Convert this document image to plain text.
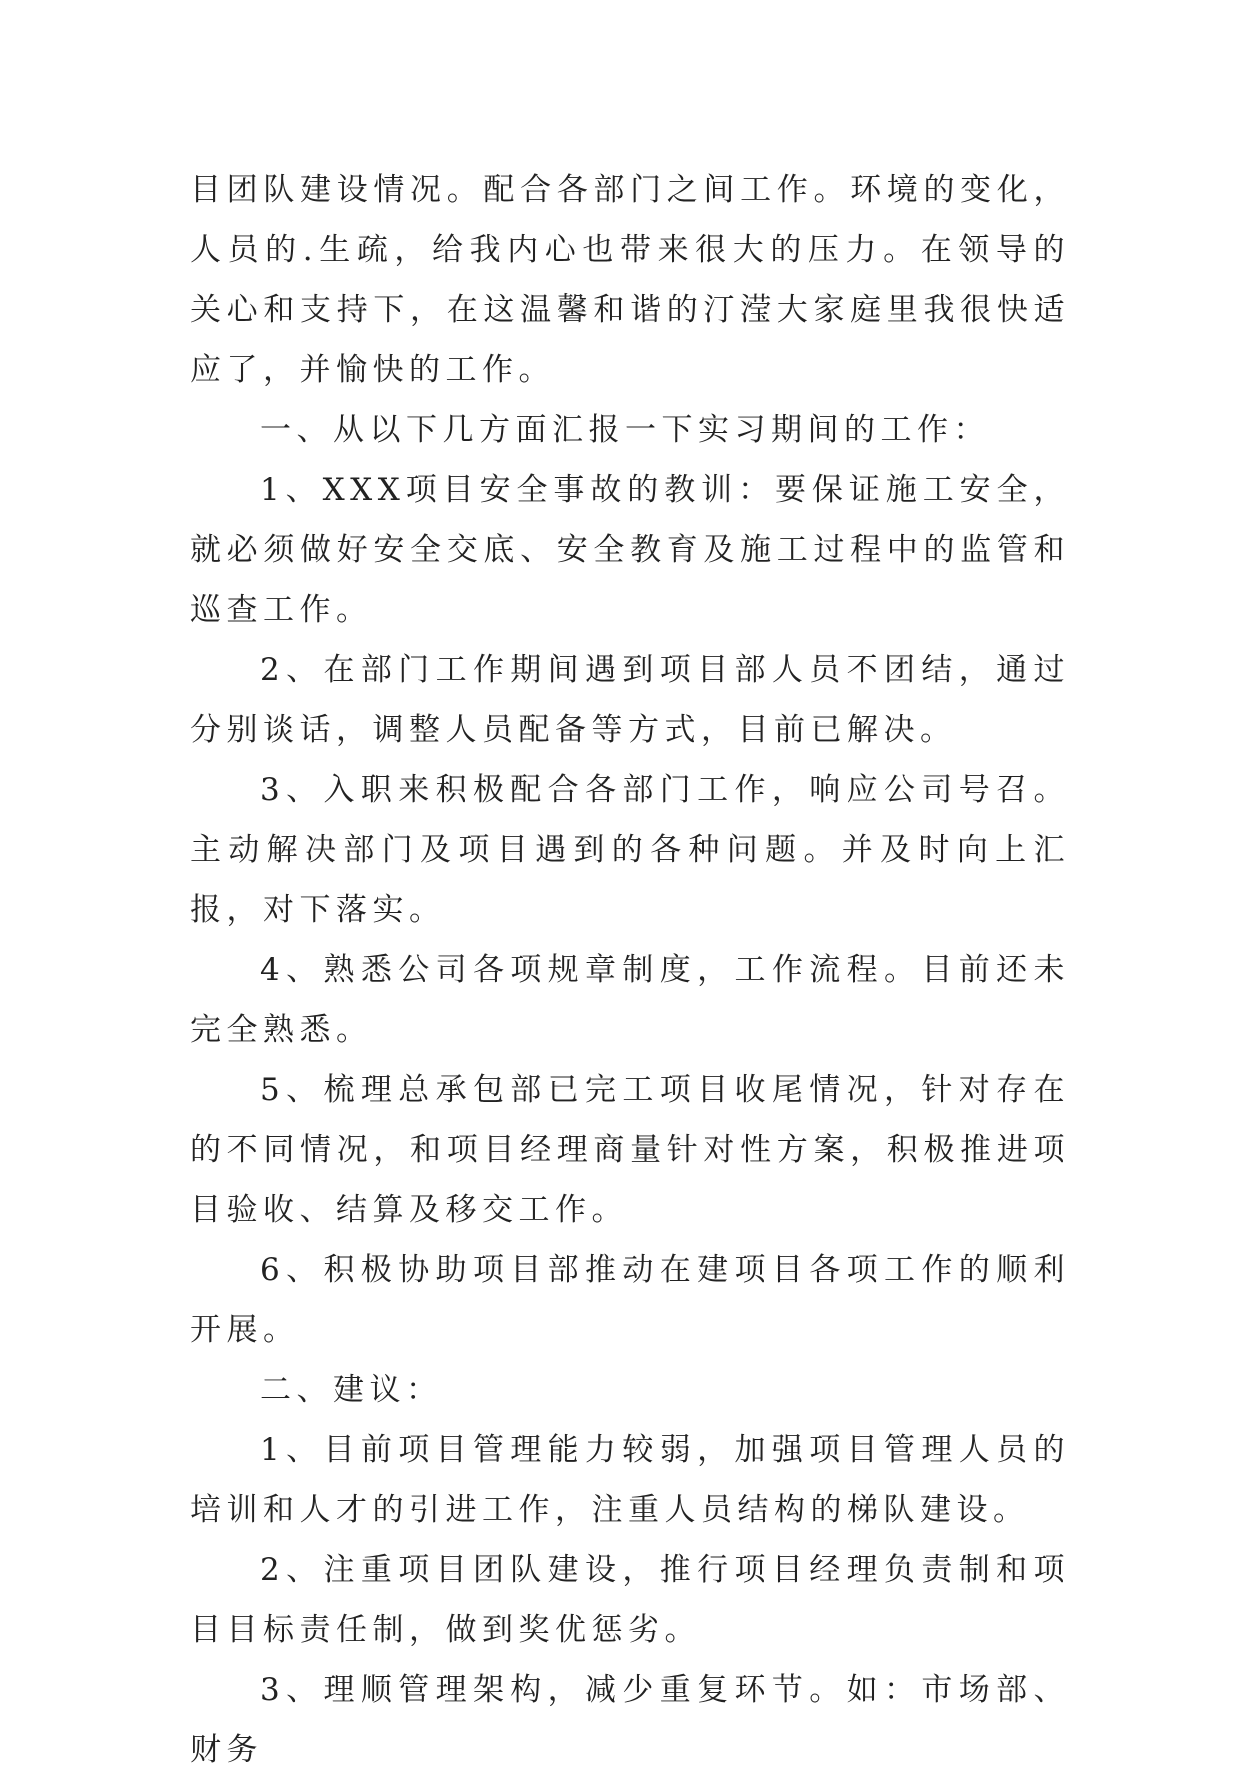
目团队建设情况。配合各部门之间工作。环境的变化，人员的.生疏，给我内心也带来很大的压力。在领导的关心和支持下，在这温馨和谐的汀滢大家庭里我很快适应了，并愉快的工作。

一、从以下几方面汇报一下实习期间的工作：

1、XXX项目安全事故的教训：要保证施工安全，就必须做好安全交底、安全教育及施工过程中的监管和巡查工作。

2、在部门工作期间遇到项目部人员不团结，通过分别谈话，调整人员配备等方式，目前已解决。

3、入职来积极配合各部门工作，响应公司号召。主动解决部门及项目遇到的各种问题。并及时向上汇报，对下落实。

4、熟悉公司各项规章制度，工作流程。目前还未完全熟悉。

5、梳理总承包部已完工项目收尾情况，针对存在的不同情况，和项目经理商量针对性方案，积极推进项目验收、结算及移交工作。

6、积极协助项目部推动在建项目各项工作的顺利开展。

二、建议：

1、目前项目管理能力较弱，加强项目管理人员的培训和人才的引进工作，注重人员结构的梯队建设。

2、注重项目团队建设，推行项目经理负责制和项目目标责任制，做到奖优惩劣。

3、理顺管理架构，减少重复环节。如：市场部、财务
